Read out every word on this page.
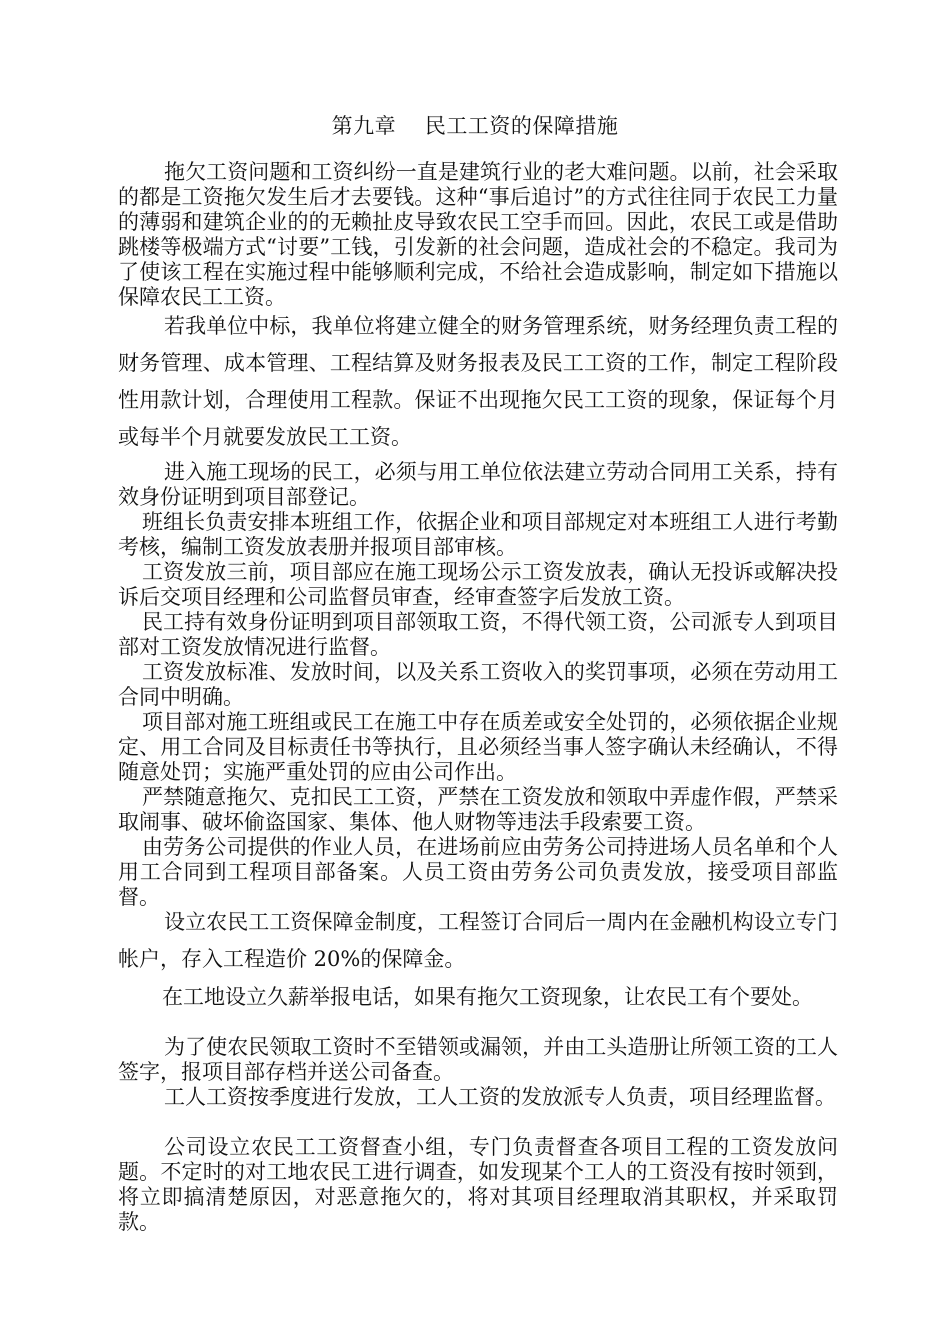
第九章    民工工资的保障措施

拖欠工资问题和工资纠纷一直是建筑行业的老大难问题。以前，社会采取的都是工资拖欠发生后才去要钱。这种“事后追讨”的方式往往同于农民工力量的薄弱和建筑企业的的无赖扯皮导致农民工空手而回。因此，农民工或是借助跳楼等极端方式“讨要”工钱，引发新的社会问题，造成社会的不稳定。我司为了使该工程在实施过程中能够顺利完成，不给社会造成影响，制定如下措施以保障农民工工资。

若我单位中标，我单位将建立健全的财务管理系统，财务经理负责工程的财务管理、成本管理、工程结算及财务报表及民工工资的工作，制定工程阶段性用款计划，合理使用工程款。保证不出现拖欠民工工资的现象，保证每个月或每半个月就要发放民工工资。

进入施工现场的民工，必须与用工单位依法建立劳动合同用工关系，持有效身份证明到项目部登记。

班组长负责安排本班组工作，依据企业和项目部规定对本班组工人进行考勤考核，编制工资发放表册并报项目部审核。

工资发放三前，项目部应在施工现场公示工资发放表，确认无投诉或解决投诉后交项目经理和公司监督员审查，经审查签字后发放工资。

民工持有效身份证明到项目部领取工资，不得代领工资，公司派专人到项目部对工资发放情况进行监督。

工资发放标准、发放时间，以及关系工资收入的奖罚事项，必须在劳动用工合同中明确。

项目部对施工班组或民工在施工中存在质差或安全处罚的，必须依据企业规定、用工合同及目标责任书等执行，且必须经当事人签字确认未经确认，不得随意处罚；实施严重处罚的应由公司作出。

严禁随意拖欠、克扣民工工资，严禁在工资发放和领取中弄虚作假，严禁采取闹事、破坏偷盗国家、集体、他人财物等违法手段索要工资。

由劳务公司提供的作业人员，在进场前应由劳务公司持进场人员名单和个人用工合同到工程项目部备案。人员工资由劳务公司负责发放，接受项目部监督。

设立农民工工资保障金制度，工程签订合同后一周内在金融机构设立专门帐户，存入工程造价 20%的保障金。

在工地设立久薪举报电话，如果有拖欠工资现象，让农民工有个要处。

为了使农民领取工资时不至错领或漏领，并由工头造册让所领工资的工人签字，报项目部存档并送公司备查。

工人工资按季度进行发放，工人工资的发放派专人负责，项目经理监督。

公司设立农民工工资督查小组，专门负责督查各项目工程的工资发放问题。不定时的对工地农民工进行调查，如发现某个工人的工资没有按时领到，将立即搞清楚原因，对恶意拖欠的，将对其项目经理取消其职权，并采取罚款。
